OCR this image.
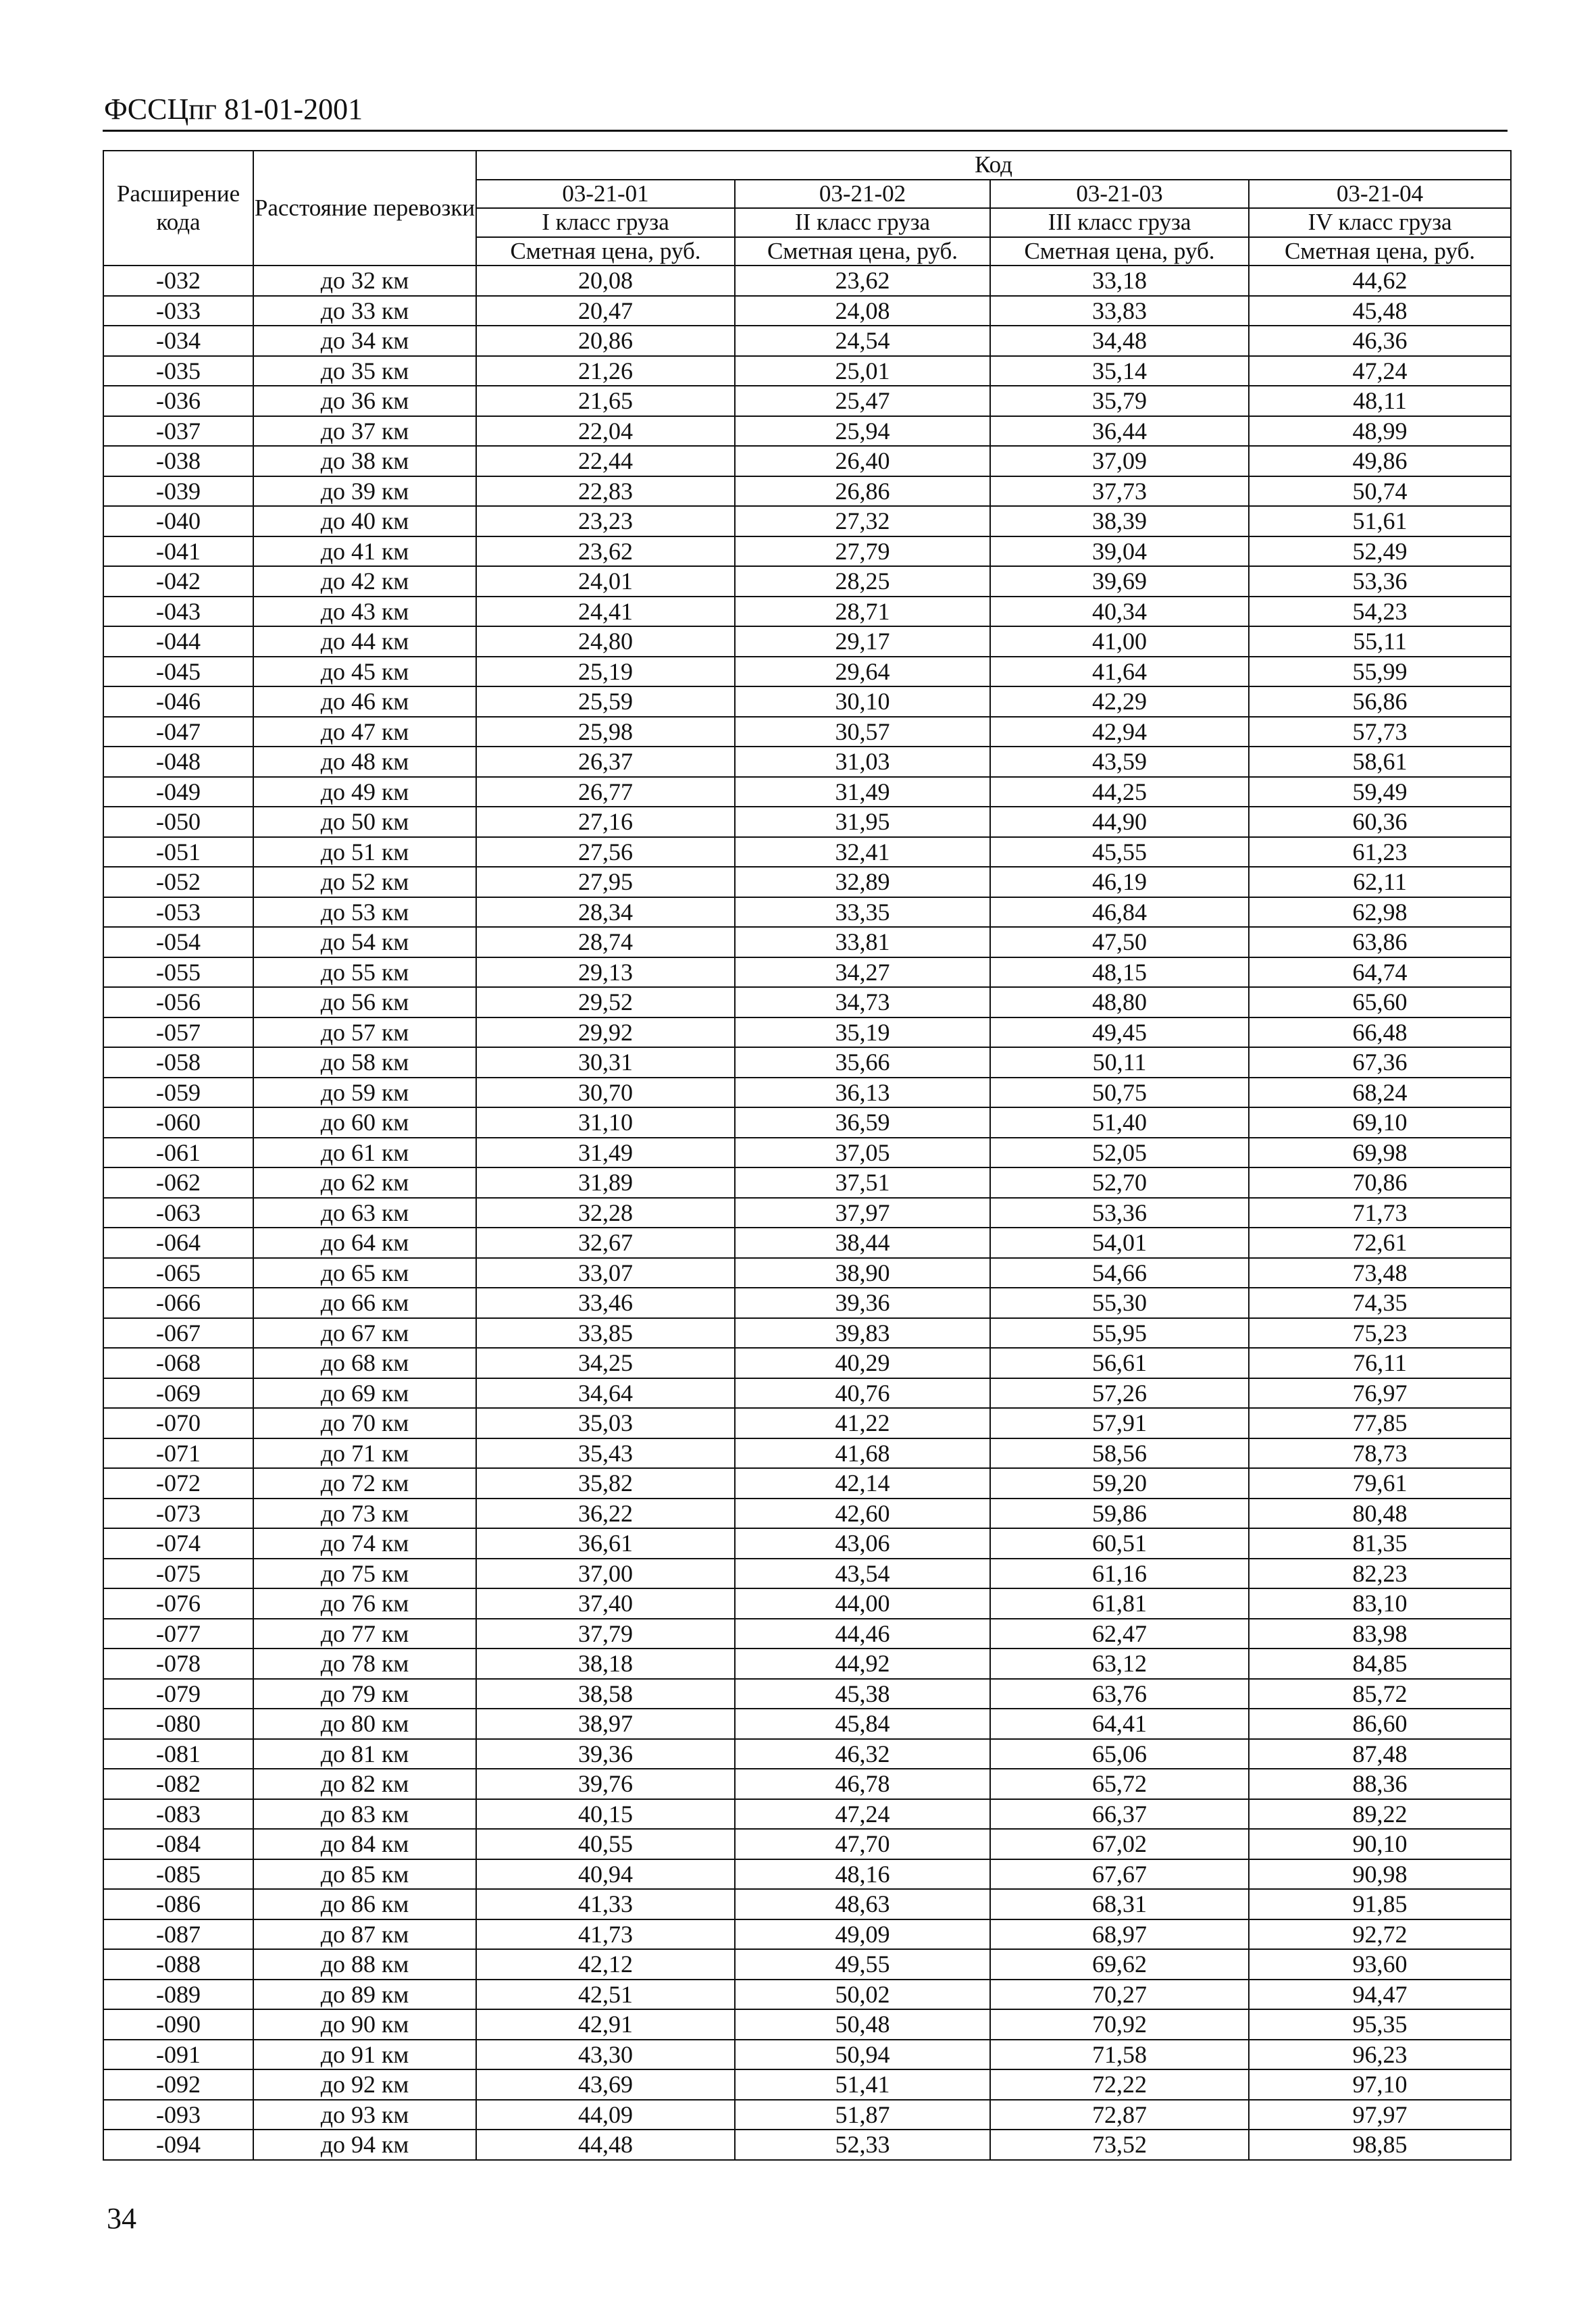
ФССЦпг 81-01-2001
Расширение кода	Расстояние перевозки	Код			
		03-21-01	03-21-02	03-21-03	03-21-04
		I класс груза	II класс груза	III класс груза	IV класс груза
		Сметная цена, руб.	Сметная цена, руб.	Сметная цена, руб.	Сметная цена, руб.
-032	до 32 км	20,08	23,62	33,18	44,62
-033	до 33 км	20,47	24,08	33,83	45,48
-034	до 34 км	20,86	24,54	34,48	46,36
-035	до 35 км	21,26	25,01	35,14	47,24
-036	до 36 км	21,65	25,47	35,79	48,11
-037	до 37 км	22,04	25,94	36,44	48,99
-038	до 38 км	22,44	26,40	37,09	49,86
-039	до 39 км	22,83	26,86	37,73	50,74
-040	до 40 км	23,23	27,32	38,39	51,61
-041	до 41 км	23,62	27,79	39,04	52,49
-042	до 42 км	24,01	28,25	39,69	53,36
-043	до 43 км	24,41	28,71	40,34	54,23
-044	до 44 км	24,80	29,17	41,00	55,11
-045	до 45 км	25,19	29,64	41,64	55,99
-046	до 46 км	25,59	30,10	42,29	56,86
-047	до 47 км	25,98	30,57	42,94	57,73
-048	до 48 км	26,37	31,03	43,59	58,61
-049	до 49 км	26,77	31,49	44,25	59,49
-050	до 50 км	27,16	31,95	44,90	60,36
-051	до 51 км	27,56	32,41	45,55	61,23
-052	до 52 км	27,95	32,89	46,19	62,11
-053	до 53 км	28,34	33,35	46,84	62,98
-054	до 54 км	28,74	33,81	47,50	63,86
-055	до 55 км	29,13	34,27	48,15	64,74
-056	до 56 км	29,52	34,73	48,80	65,60
-057	до 57 км	29,92	35,19	49,45	66,48
-058	до 58 км	30,31	35,66	50,11	67,36
-059	до 59 км	30,70	36,13	50,75	68,24
-060	до 60 км	31,10	36,59	51,40	69,10
-061	до 61 км	31,49	37,05	52,05	69,98
-062	до 62 км	31,89	37,51	52,70	70,86
-063	до 63 км	32,28	37,97	53,36	71,73
-064	до 64 км	32,67	38,44	54,01	72,61
-065	до 65 км	33,07	38,90	54,66	73,48
-066	до 66 км	33,46	39,36	55,30	74,35
-067	до 67 км	33,85	39,83	55,95	75,23
-068	до 68 км	34,25	40,29	56,61	76,11
-069	до 69 км	34,64	40,76	57,26	76,97
-070	до 70 км	35,03	41,22	57,91	77,85
-071	до 71 км	35,43	41,68	58,56	78,73
-072	до 72 км	35,82	42,14	59,20	79,61
-073	до 73 км	36,22	42,60	59,86	80,48
-074	до 74 км	36,61	43,06	60,51	81,35
-075	до 75 км	37,00	43,54	61,16	82,23
-076	до 76 км	37,40	44,00	61,81	83,10
-077	до 77 км	37,79	44,46	62,47	83,98
-078	до 78 км	38,18	44,92	63,12	84,85
-079	до 79 км	38,58	45,38	63,76	85,72
-080	до 80 км	38,97	45,84	64,41	86,60
-081	до 81 км	39,36	46,32	65,06	87,48
-082	до 82 км	39,76	46,78	65,72	88,36
-083	до 83 км	40,15	47,24	66,37	89,22
-084	до 84 км	40,55	47,70	67,02	90,10
-085	до 85 км	40,94	48,16	67,67	90,98
-086	до 86 км	41,33	48,63	68,31	91,85
-087	до 87 км	41,73	49,09	68,97	92,72
-088	до 88 км	42,12	49,55	69,62	93,60
-089	до 89 км	42,51	50,02	70,27	94,47
-090	до 90 км	42,91	50,48	70,92	95,35
-091	до 91 км	43,30	50,94	71,58	96,23
-092	до 92 км	43,69	51,41	72,22	97,10
-093	до 93 км	44,09	51,87	72,87	97,97
-094	до 94 км	44,48	52,33	73,52	98,85
34
